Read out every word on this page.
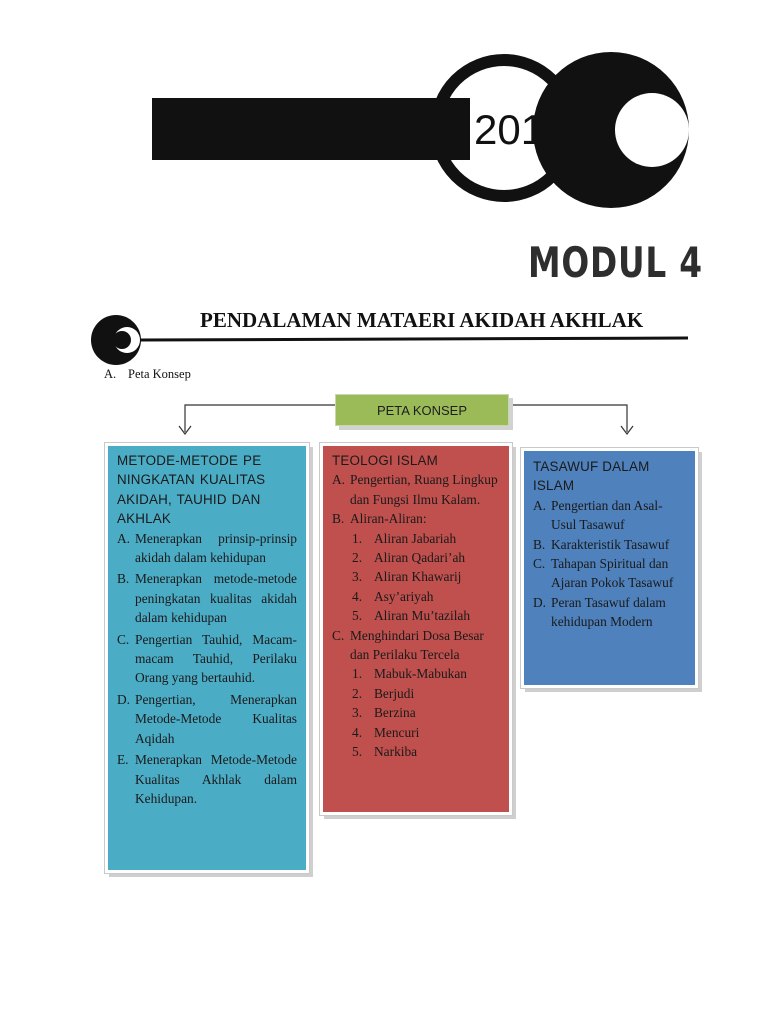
2015
MODUL 4
PENDALAMAN MATAERI AKIDAH AKHLAK
A. Peta Konsep
PETA KONSEP
METODE-METODE PE
NINGKATAN KUALITAS
AKIDAH, TAUHID DAN
AKHLAK
A. Menerapkan prinsip-prinsip akidah dalam kehidupan
B. Menerapkan metode-metode peningkatan kualitas akidah dalam kehidupan
C. Pengertian Tauhid, Macam-macam Tauhid, Perilaku Orang yang bertauhid.
D. Pengertian, Menerapkan Metode-Metode Kualitas Aqidah
E. Menerapkan Metode-Metode Kualitas Akhlak dalam Kehidupan.
TEOLOGI ISLAM
A. Pengertian, Ruang Lingkup dan Fungsi Ilmu Kalam.
B. Aliran-Aliran:
1. Aliran Jabariah
2. Aliran Qadari’ah
3. Aliran Khawarij
4. Asy’ariyah
5. Aliran Mu’tazilah
C. Menghindari Dosa Besar dan Perilaku Tercela
1. Mabuk-Mabukan
2. Berjudi
3. Berzina
4. Mencuri
5. Narkiba
TASAWUF DALAM
ISLAM
A. Pengertian dan Asal-Usul Tasawuf
B. Karakteristik Tasawuf
C. Tahapan Spiritual dan Ajaran Pokok Tasawuf
D. Peran Tasawuf dalam kehidupan Modern
